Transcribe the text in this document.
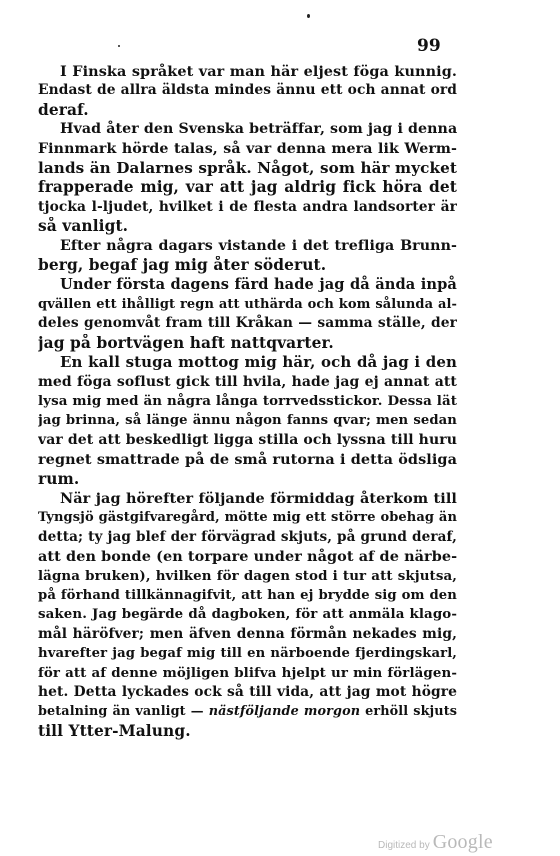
99
I Finska språket var man här eljest föga kunnig.
Endast de allra äldsta mindes ännu ett och annat ord
deraf.
Hvad åter den Svenska beträffar, som jag i denna
Finnmark hörde talas, så var denna mera lik Werm-
lands än Dalarnes språk. Något, som här mycket
frapperade mig, var att jag aldrig fick höra det
tjocka l-ljudet, hvilket i de flesta andra landsorter är
så vanligt.
Efter några dagars vistande i det trefliga Brunn-
berg, begaf jag mig åter söderut.
Under första dagens färd hade jag då ända inpå
qvällen ett ihålligt regn att uthärda och kom sålunda al-
deles genomvåt fram till Kråkan — samma ställe, der
jag på bortvägen haft nattqvarter.
En kall stuga mottog mig här, och då jag i den
med föga soflust gick till hvila, hade jag ej annat att
lysa mig med än några långa torrvedsstickor. Dessa lät
jag brinna, så länge ännu någon fanns qvar; men sedan
var det att beskedligt ligga stilla och lyssna till huru
regnet smattrade på de små rutorna i detta ödsliga
rum.
När jag hörefter följande förmiddag återkom till
Tyngsjö gästgifvaregård, mötte mig ett större obehag än
detta; ty jag blef der förvägrad skjuts, på grund deraf,
att den bonde (en torpare under något af de närbe-
lägna bruken), hvilken för dagen stod i tur att skjutsa,
på förhand tillkännagifvit, att han ej brydde sig om den
saken. Jag begärde då dagboken, för att anmäla klago-
mål häröfver; men äfven denna förmån nekades mig,
hvarefter jag begaf mig till en närboende fjerdingskarl,
för att af denne möjligen blifva hjelpt ur min förlägen-
het. Detta lyckades ock så till vida, att jag mot högre
betalning än vanligt — nästföljande morgon erhöll skjuts
till Ytter-Malung.
Digitized by Google
